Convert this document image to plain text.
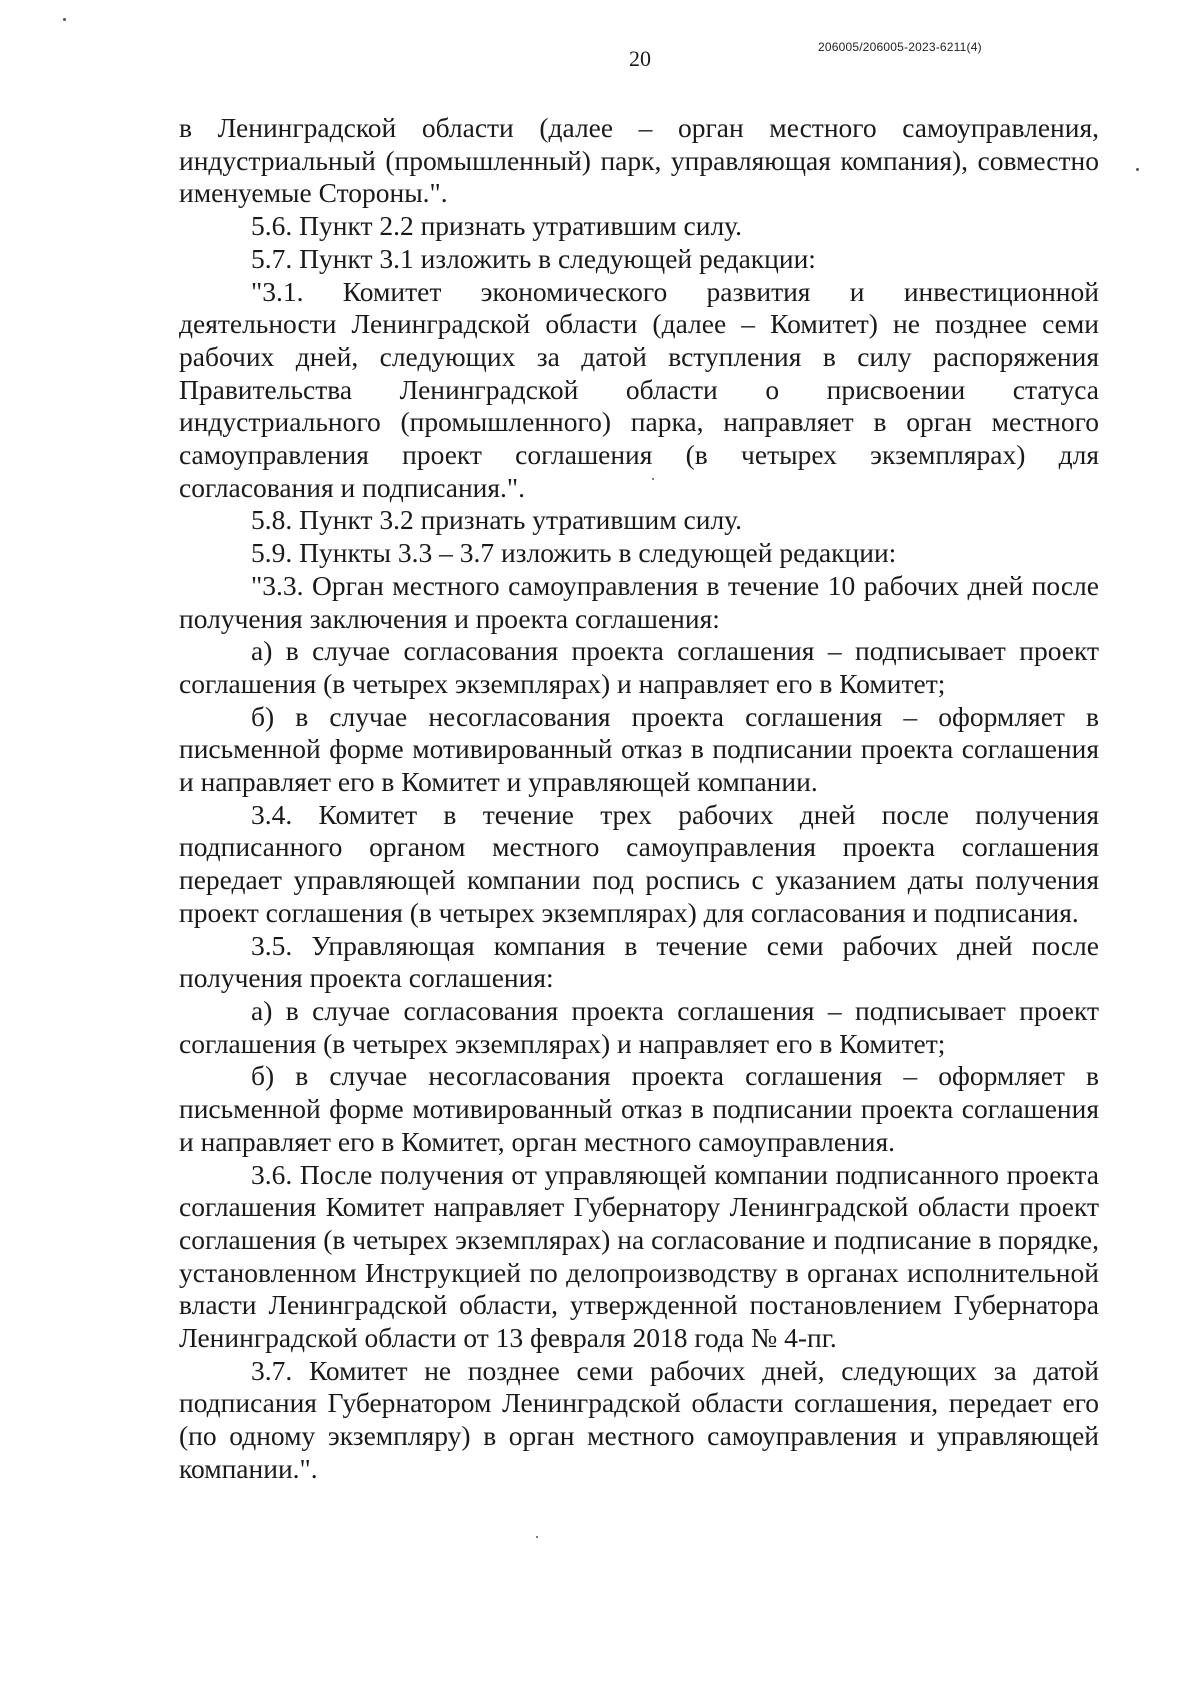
206005/206005-2023-6211(4)
20

в Ленинградской области (далее – орган местного самоуправления, индустриальный (промышленный) парк, управляющая компания), совместно именуемые Стороны.".

5.6. Пункт 2.2 признать утратившим силу.

5.7. Пункт 3.1 изложить в следующей редакции:

"3.1. Комитет экономического развития и инвестиционной деятельности Ленинградской области (далее – Комитет) не позднее семи рабочих дней, следующих за датой вступления в силу распоряжения Правительства Ленинградской области о присвоении статуса индустриального (промышленного) парка, направляет в орган местного самоуправления проект соглашения (в четырех экземплярах) для согласования и подписания.".

5.8. Пункт 3.2 признать утратившим силу.

5.9. Пункты 3.3 – 3.7 изложить в следующей редакции:

"3.3. Орган местного самоуправления в течение 10 рабочих дней после получения заключения и проекта соглашения:

а) в случае согласования проекта соглашения – подписывает проект соглашения (в четырех экземплярах) и направляет его в Комитет;

б) в случае несогласования проекта соглашения – оформляет в письменной форме мотивированный отказ в подписании проекта соглашения и направляет его в Комитет и управляющей компании.

3.4. Комитет в течение трех рабочих дней после получения подписанного органом местного самоуправления проекта соглашения передает управляющей компании под роспись с указанием даты получения проект соглашения (в четырех экземплярах) для согласования и подписания.

3.5. Управляющая компания в течение семи рабочих дней после получения проекта соглашения:

а) в случае согласования проекта соглашения – подписывает проект соглашения (в четырех экземплярах) и направляет его в Комитет;

б) в случае несогласования проекта соглашения – оформляет в письменной форме мотивированный отказ в подписании проекта соглашения и направляет его в Комитет, орган местного самоуправления.

3.6. После получения от управляющей компании подписанного проекта соглашения Комитет направляет Губернатору Ленинградской области проект соглашения (в четырех экземплярах) на согласование и подписание в порядке, установленном Инструкцией по делопроизводству в органах исполнительной власти Ленинградской области, утвержденной постановлением Губернатора Ленинградской области от 13 февраля 2018 года № 4-пг.

3.7. Комитет не позднее семи рабочих дней, следующих за датой подписания Губернатором Ленинградской области соглашения, передает его (по одному экземпляру) в орган местного самоуправления и управляющей компании.".
